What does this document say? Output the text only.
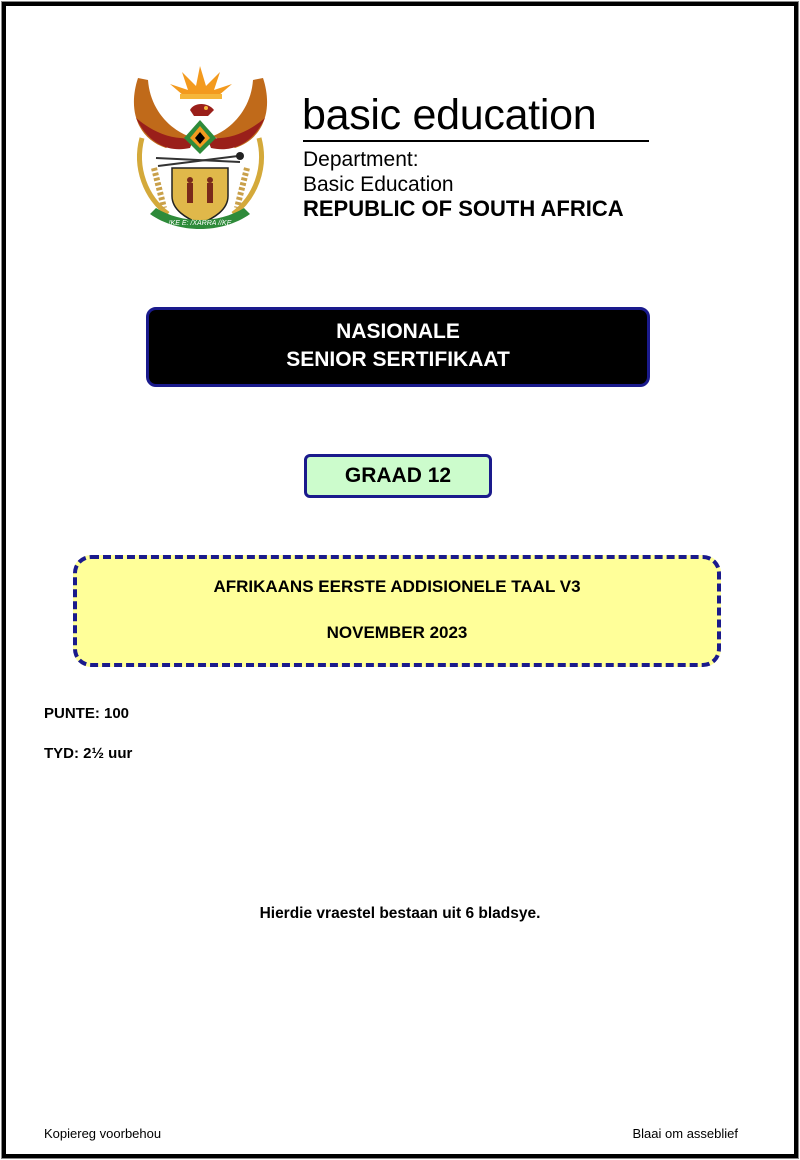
!KE E: /XARRA //KE
basic education
Department:
Basic Education
REPUBLIC OF SOUTH AFRICA
NASIONALE
SENIOR SERTIFIKAAT
GRAAD 12
AFRIKAANS EERSTE ADDISIONELE TAAL V3
NOVEMBER 2023
PUNTE: 100
TYD: 2½ uur
Hierdie vraestel bestaan uit 6 bladsye.
Kopiereg voorbehou	Blaai om asseblief
